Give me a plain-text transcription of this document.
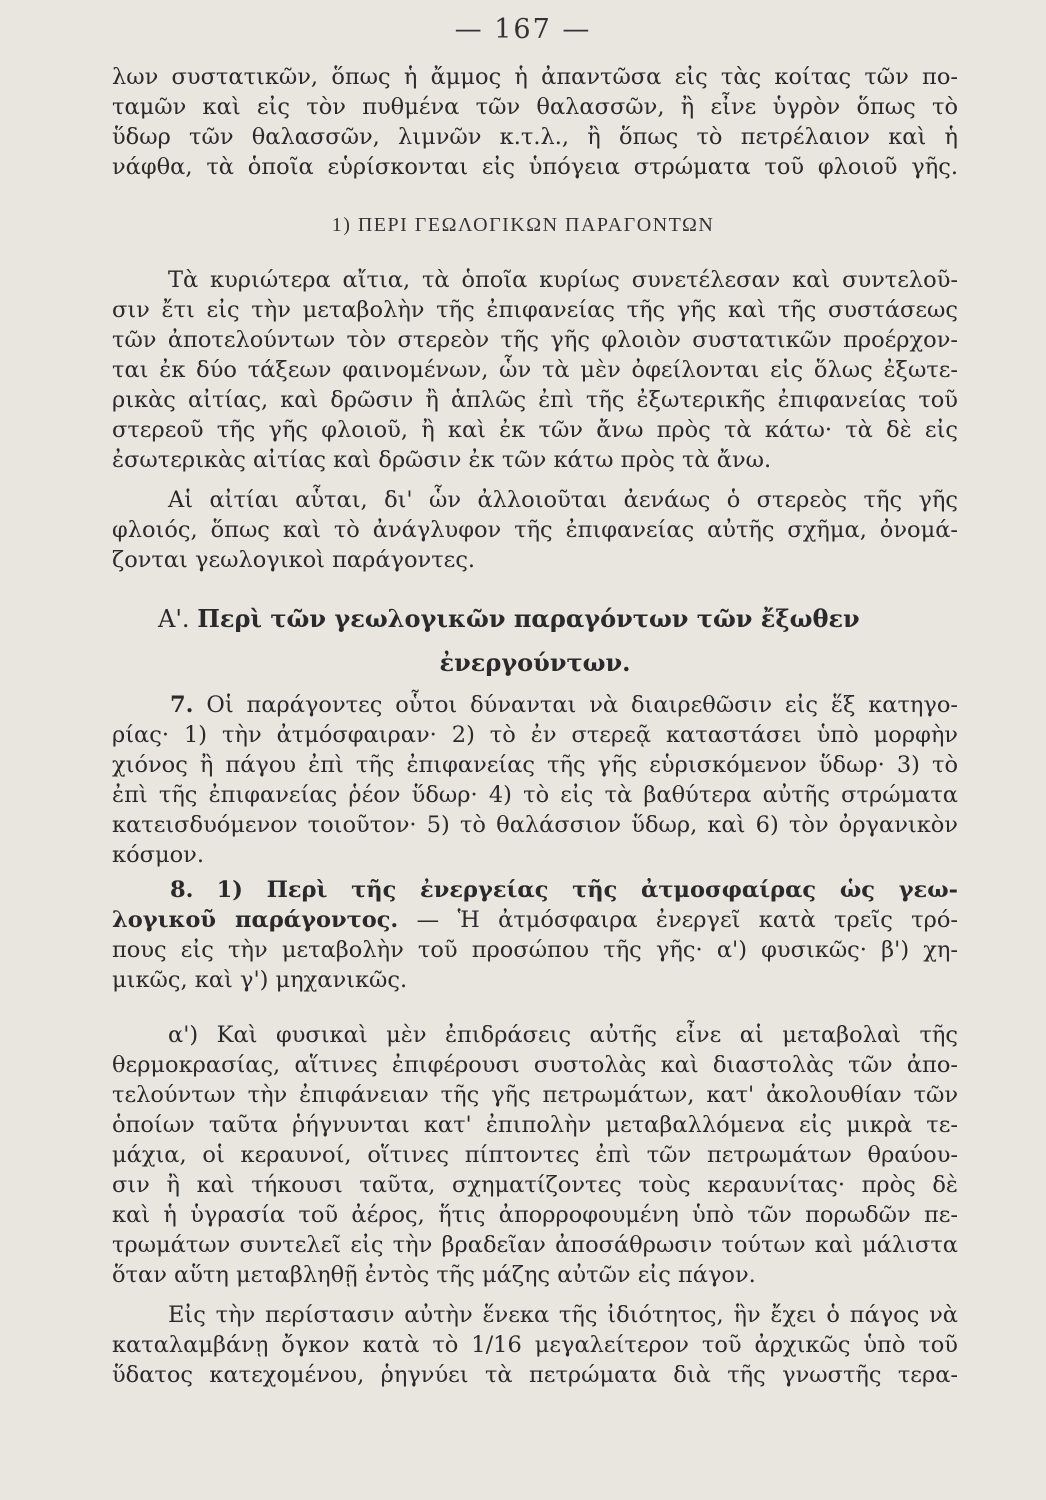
— 167 —
λων συστατικῶν, ὅπως ἡ ἄμμος ἡ ἀπαντῶσα εἰς τὰς κοίτας τῶν πο-
ταμῶν καὶ εἰς τὸν πυθμένα τῶν θαλασσῶν, ἢ εἶνε ὑγρὸν ὅπως τὸ
ὕδωρ τῶν θαλασσῶν, λιμνῶν κ.τ.λ., ἢ ὅπως τὸ πετρέλαιον καὶ ἡ
νάφθα, τὰ ὁποῖα εὑρίσκονται εἰς ὑπόγεια στρώματα τοῦ φλοιοῦ γῆς.
1) ΠΕΡΙ ΓΕΩΛΟΓΙΚΩΝ ΠΑΡΑΓΟΝΤΩΝ
Τὰ κυριώτερα αἴτια, τὰ ὁποῖα κυρίως συνετέλεσαν καὶ συντελοῦ-
σιν ἔτι εἰς τὴν μεταβολὴν τῆς ἐπιφανείας τῆς γῆς καὶ τῆς συστάσεως
τῶν ἀποτελούντων τὸν στερεὸν τῆς γῆς φλοιὸν συστατικῶν προέρχον-
ται ἐκ δύο τάξεων φαινομένων, ὧν τὰ μὲν ὀφείλονται εἰς ὅλως ἐξωτε-
ρικὰς αἰτίας, καὶ δρῶσιν ἢ ἁπλῶς ἐπὶ τῆς ἐξωτερικῆς ἐπιφανείας τοῦ
στερεοῦ τῆς γῆς φλοιοῦ, ἢ καὶ ἐκ τῶν ἄνω πρὸς τὰ κάτω· τὰ δὲ εἰς
ἐσωτερικὰς αἰτίας καὶ δρῶσιν ἐκ τῶν κάτω πρὸς τὰ ἄνω.
Αἱ αἰτίαι αὗται, δι' ὧν ἀλλοιοῦται ἀενάως ὁ στερεὸς τῆς γῆς
φλοιός, ὅπως καὶ τὸ ἀνάγλυφον τῆς ἐπιφανείας αὐτῆς σχῆμα, ὀνομά-
ζονται γεωλογικοὶ παράγοντες.
Α'. Περὶ τῶν γεωλογικῶν παραγόντων τῶν ἔξωθεν
ἐνεργούντων.
7. Οἱ παράγοντες οὗτοι δύνανται νὰ διαιρεθῶσιν εἰς ἕξ κατηγο-
ρίας· 1) τὴν ἀτμόσφαιραν· 2) τὸ ἐν στερεᾷ καταστάσει ὑπὸ μορφὴν
χιόνος ἢ πάγου ἐπὶ τῆς ἐπιφανείας τῆς γῆς εὑρισκόμενον ὕδωρ· 3) τὸ
ἐπὶ τῆς ἐπιφανείας ῥέον ὕδωρ· 4) τὸ εἰς τὰ βαθύτερα αὐτῆς στρώματα
κατεισδυόμενον τοιοῦτον· 5) τὸ θαλάσσιον ὕδωρ, καὶ 6) τὸν ὀργανικὸν
κόσμον.
8. 1) Περὶ τῆς ἐνεργείας τῆς ἀτμοσφαίρας ὡς γεω-
λογικοῦ παράγοντος. — Ἡ ἀτμόσφαιρα ἐνεργεῖ κατὰ τρεῖς τρό-
πους εἰς τὴν μεταβολὴν τοῦ προσώπου τῆς γῆς· α') φυσικῶς· β') χη-
μικῶς, καὶ γ') μηχανικῶς.
α') Καὶ φυσικαὶ μὲν ἐπιδράσεις αὐτῆς εἶνε αἱ μεταβολαὶ τῆς
θερμοκρασίας, αἵτινες ἐπιφέρουσι συστολὰς καὶ διαστολὰς τῶν ἀπο-
τελούντων τὴν ἐπιφάνειαν τῆς γῆς πετρωμάτων, κατ' ἀκολουθίαν τῶν
ὁποίων ταῦτα ῥήγνυνται κατ' ἐπιπολὴν μεταβαλλόμενα εἰς μικρὰ τε-
μάχια, οἱ κεραυνοί, οἵτινες πίπτοντες ἐπὶ τῶν πετρωμάτων θραύου-
σιν ἢ καὶ τήκουσι ταῦτα, σχηματίζοντες τοὺς κεραυνίτας· πρὸς δὲ
καὶ ἡ ὑγρασία τοῦ ἀέρος, ἥτις ἀπορροφουμένη ὑπὸ τῶν πορωδῶν πε-
τρωμάτων συντελεῖ εἰς τὴν βραδεῖαν ἀποσάθρωσιν τούτων καὶ μάλιστα
ὅταν αὕτη μεταβληθῇ ἐντὸς τῆς μάζης αὐτῶν εἰς πάγον.
Εἰς τὴν περίστασιν αὐτὴν ἕνεκα τῆς ἰδιότητος, ἣν ἔχει ὁ πάγος νὰ
καταλαμβάνῃ ὄγκον κατὰ τὸ 1/16 μεγαλείτερον τοῦ ἀρχικῶς ὑπὸ τοῦ
ὕδατος κατεχομένου, ῥηγνύει τὰ πετρώματα διὰ τῆς γνωστῆς τερα-
